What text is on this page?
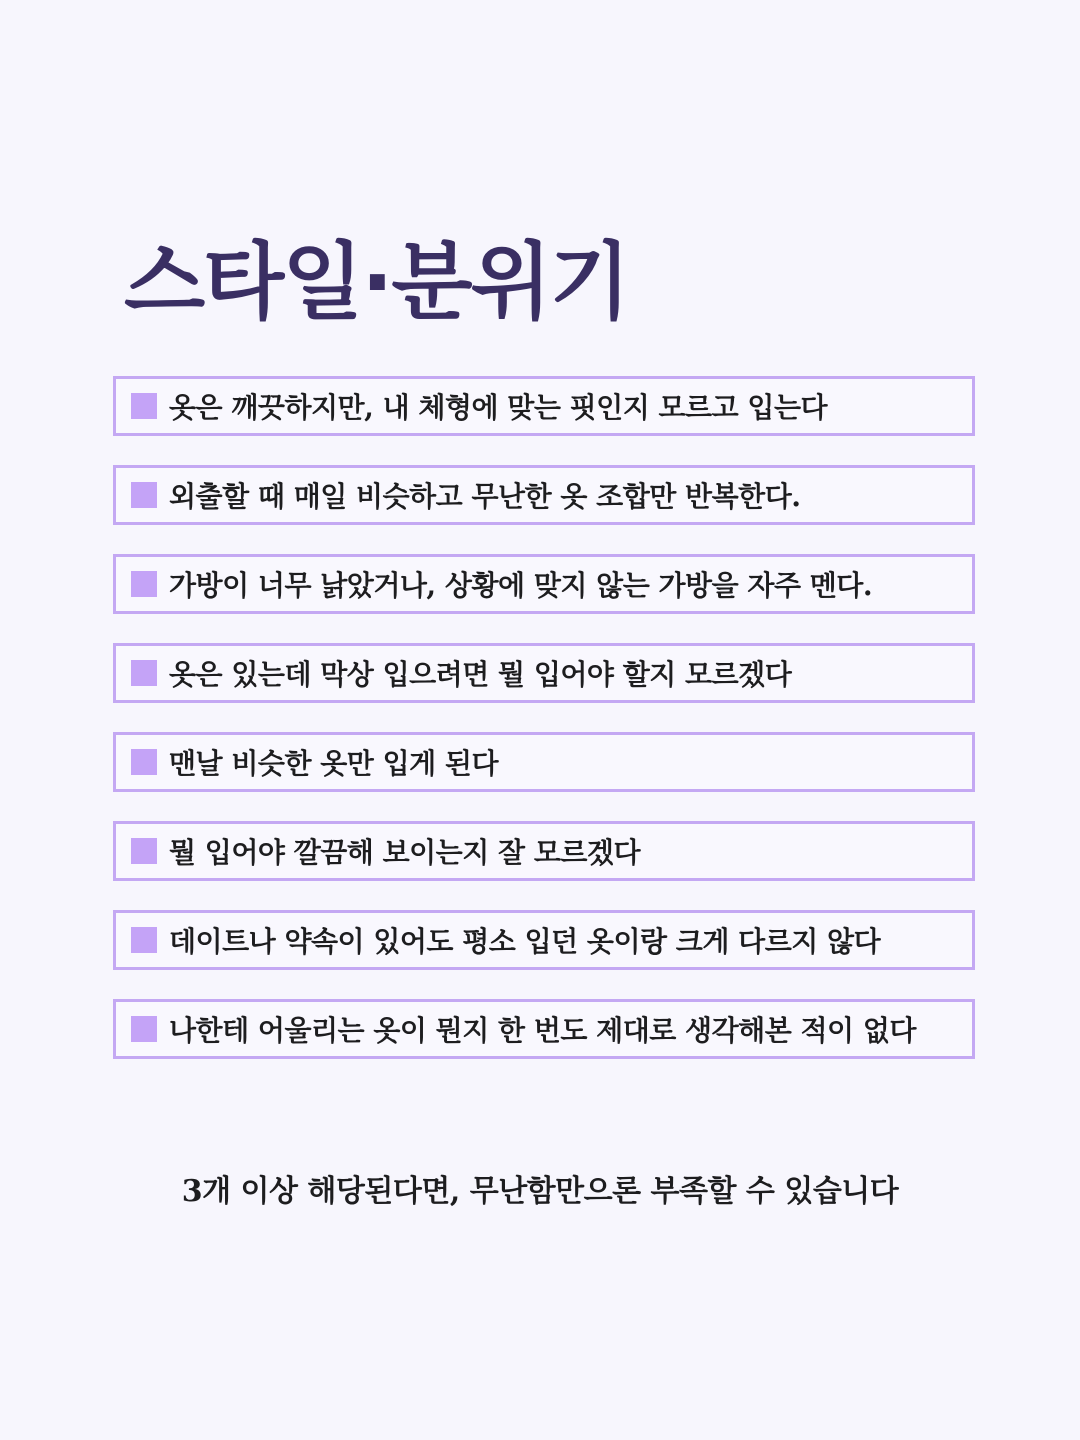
스타일·분위기
옷은 깨끗하지만, 내 체형에 맞는 핏인지 모르고 입는다
외출할 때 매일 비슷하고 무난한 옷 조합만 반복한다.
가방이 너무 낡았거나, 상황에 맞지 않는 가방을 자주 멘다.
옷은 있는데 막상 입으려면 뭘 입어야 할지 모르겠다
맨날 비슷한 옷만 입게 된다
뭘 입어야 깔끔해 보이는지 잘 모르겠다
데이트나 약속이 있어도 평소 입던 옷이랑 크게 다르지 않다
나한테 어울리는 옷이 뭔지 한 번도 제대로 생각해본 적이 없다

3개 이상 해당된다면, 무난함만으론 부족할 수 있습니다
